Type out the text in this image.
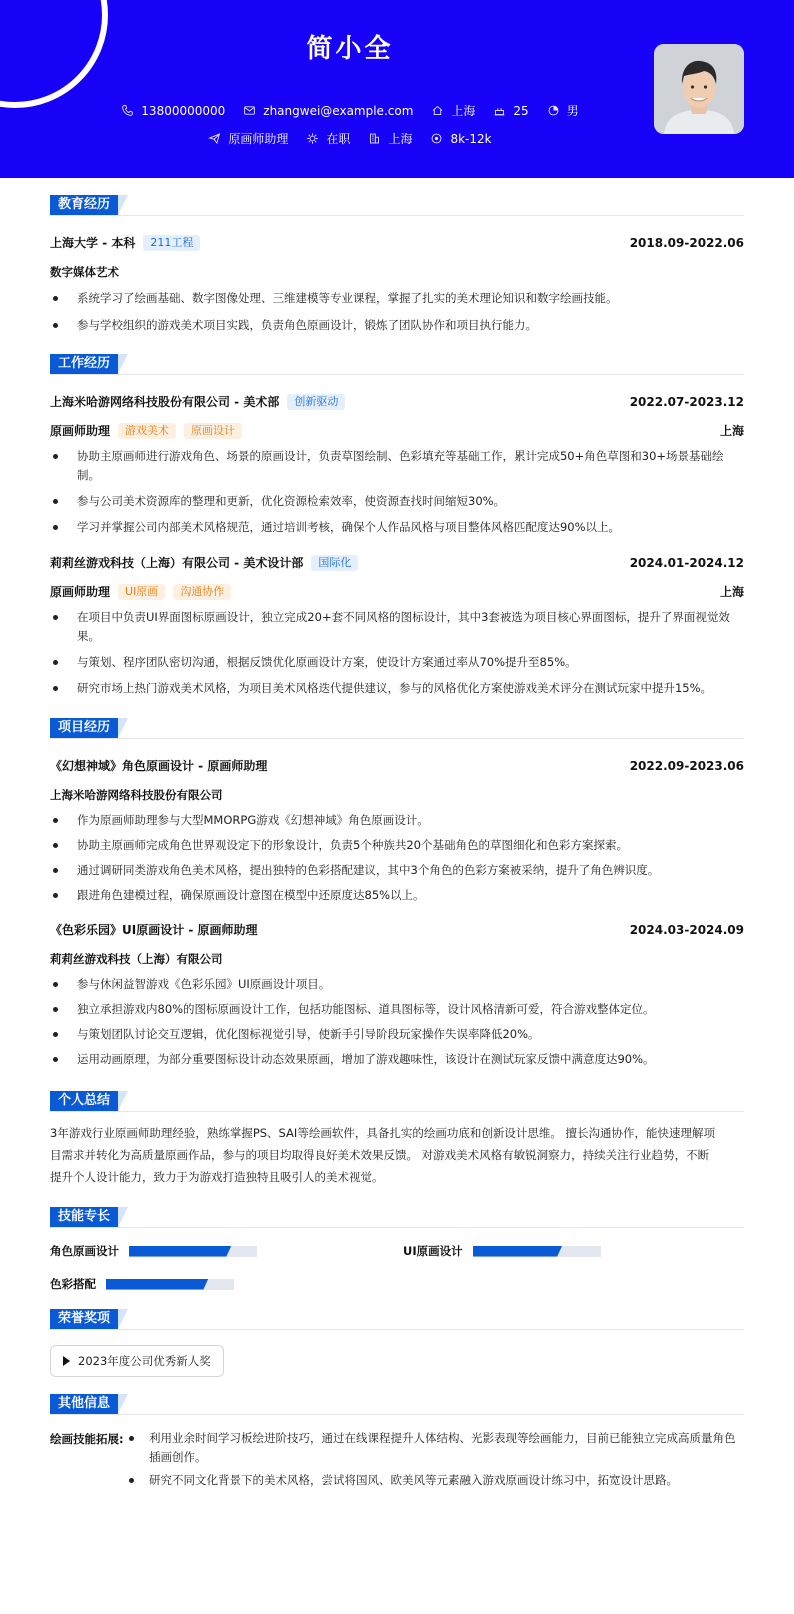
简小全
13800000000	zhangwei@example.com	上海	25	男
原画师助理	在职	上海	8k-12k
教育经历
上海大学 - 本科	211工程	2018.09-2022.06
数字媒体艺术
系统学习了绘画基础、数字图像处理、三维建模等专业课程，掌握了扎实的美术理论知识和数字绘画技能。
参与学校组织的游戏美术项目实践，负责角色原画设计，锻炼了团队协作和项目执行能力。
工作经历
上海米哈游网络科技股份有限公司 - 美术部	创新驱动	2022.07-2023.12
原画师助理	游戏美术	原画设计	上海
协助主原画师进行游戏角色、场景的原画设计，负责草图绘制、色彩填充等基础工作，累计完成50+角色草图和30+场景基础绘制。
参与公司美术资源库的整理和更新，优化资源检索效率，使资源查找时间缩短30%。
学习并掌握公司内部美术风格规范，通过培训考核，确保个人作品风格与项目整体风格匹配度达90%以上。
莉莉丝游戏科技（上海）有限公司 - 美术设计部	国际化	2024.01-2024.12
原画师助理	UI原画	沟通协作	上海
在项目中负责UI界面图标原画设计，独立完成20+套不同风格的图标设计，其中3套被选为项目核心界面图标，提升了界面视觉效果。
与策划、程序团队密切沟通，根据反馈优化原画设计方案，使设计方案通过率从70%提升至85%。
研究市场上热门游戏美术风格，为项目美术风格迭代提供建议，参与的风格优化方案使游戏美术评分在测试玩家中提升15%。
项目经历
《幻想神域》角色原画设计 - 原画师助理	2022.09-2023.06
上海米哈游网络科技股份有限公司
作为原画师助理参与大型MMORPG游戏《幻想神域》角色原画设计。
协助主原画师完成角色世界观设定下的形象设计，负责5个种族共20个基础角色的草图细化和色彩方案探索。
通过调研同类游戏角色美术风格，提出独特的色彩搭配建议，其中3个角色的色彩方案被采纳，提升了角色辨识度。
跟进角色建模过程，确保原画设计意图在模型中还原度达85%以上。
《色彩乐园》UI原画设计 - 原画师助理	2024.03-2024.09
莉莉丝游戏科技（上海）有限公司
参与休闲益智游戏《色彩乐园》UI原画设计项目。
独立承担游戏内80%的图标原画设计工作，包括功能图标、道具图标等，设计风格清新可爱，符合游戏整体定位。
与策划团队讨论交互逻辑，优化图标视觉引导，使新手引导阶段玩家操作失误率降低20%。
运用动画原理，为部分重要图标设计动态效果原画，增加了游戏趣味性，该设计在测试玩家反馈中满意度达90%。
个人总结
3年游戏行业原画师助理经验，熟练掌握PS、SAI等绘画软件，具备扎实的绘画功底和创新设计思维。 擅长沟通协作，能快速理解项
目需求并转化为高质量原画作品，参与的项目均取得良好美术效果反馈。 对游戏美术风格有敏锐洞察力，持续关注行业趋势，不断
提升个人设计能力，致力于为游戏打造独特且吸引人的美术视觉。
技能专长
角色原画设计	UI原画设计
色彩搭配
荣誉奖项
2023年度公司优秀新人奖
其他信息
绘画技能拓展:	利用业余时间学习板绘进阶技巧，通过在线课程提升人体结构、光影表现等绘画能力，目前已能独立完成高质量角色插画创作。
研究不同文化背景下的美术风格，尝试将国风、欧美风等元素融入游戏原画设计练习中，拓宽设计思路。
